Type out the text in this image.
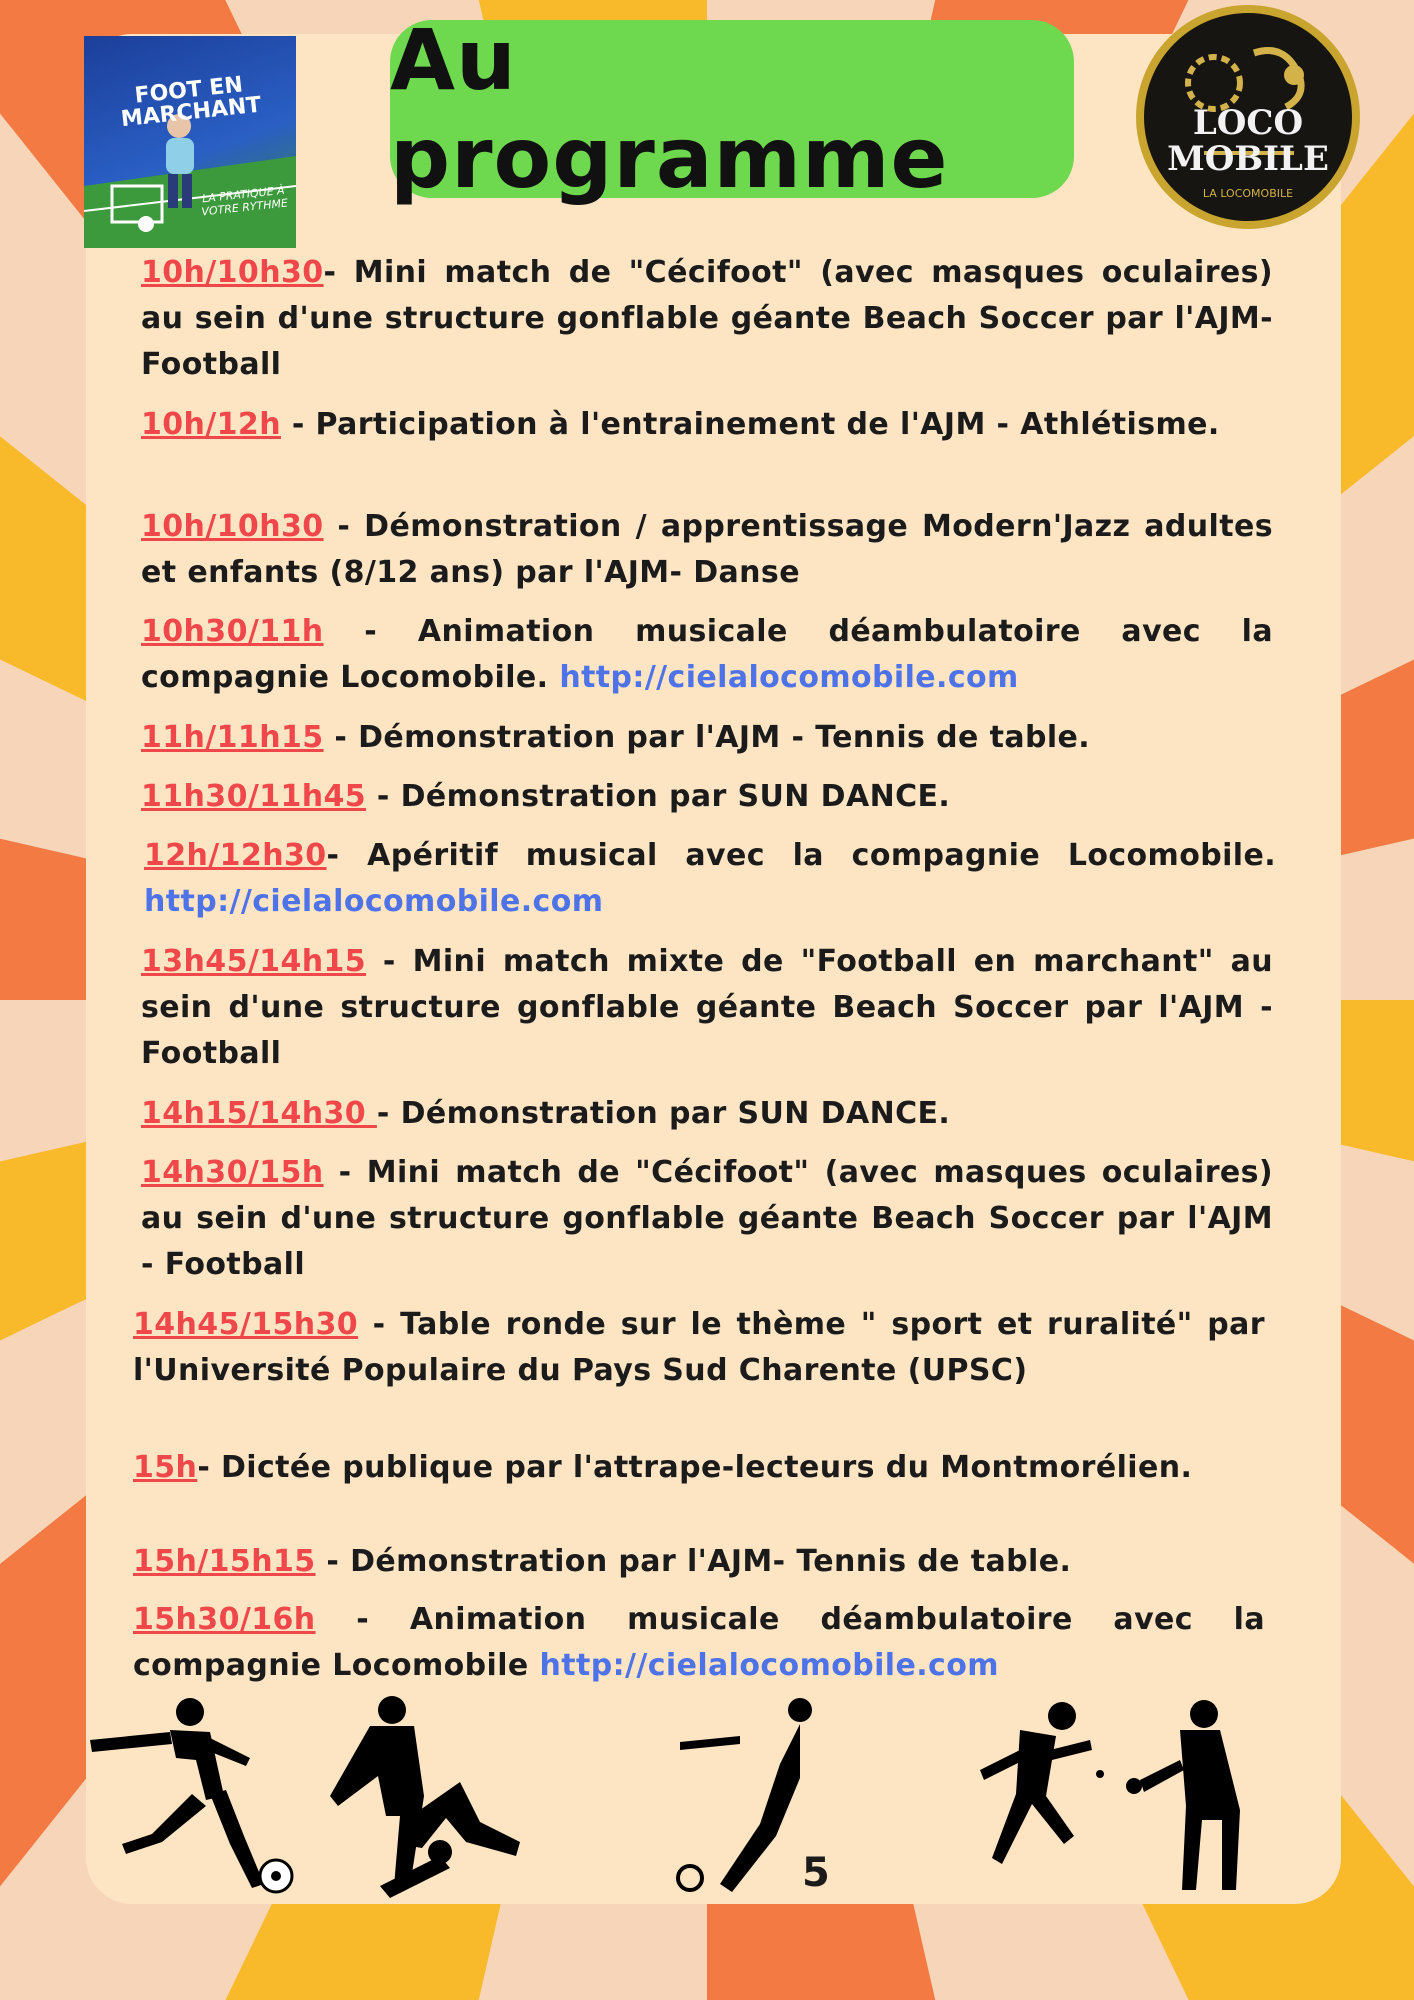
FOOT EN MARCHANT
LA PRATIQUE À VOTRE RYTHME
Au programme	LOCO MOBILE
LA LOCOMOBILE
10h/10h30- Mini match de "Cécifoot" (avec masques oculaires) au sein d'une structure gonflable géante Beach Soccer par l'AJM-Football
10h/12h - Participation à l'entrainement de l'AJM - Athlétisme.
10h/10h30 - Démonstration / apprentissage Modern'Jazz adultes et enfants (8/12 ans) par l'AJM- Danse
10h30/11h - Animation musicale déambulatoire avec la compagnie Locomobile. http://cielalocomobile.com
11h/11h15 - Démonstration par l'AJM - Tennis de table.
11h30/11h45 - Démonstration par SUN DANCE.
12h/12h30- Apéritif musical avec la compagnie Locomobile. http://cielalocomobile.com
13h45/14h15 - Mini match mixte de "Football en marchant" au sein d'une structure gonflable géante Beach Soccer par l'AJM - Football
14h15/14h30 - Démonstration par SUN DANCE.
14h30/15h - Mini match de "Cécifoot" (avec masques oculaires) au sein d'une structure gonflable géante Beach Soccer par l'AJM - Football
14h45/15h30 - Table ronde sur le thème " sport et ruralité" par l'Université Populaire du Pays Sud Charente (UPSC)
15h- Dictée publique par l'attrape-lecteurs du Montmorélien.
15h/15h15 - Démonstration par l'AJM- Tennis de table.
15h30/16h - Animation musicale déambulatoire avec la compagnie Locomobile http://cielalocomobile.com
5
